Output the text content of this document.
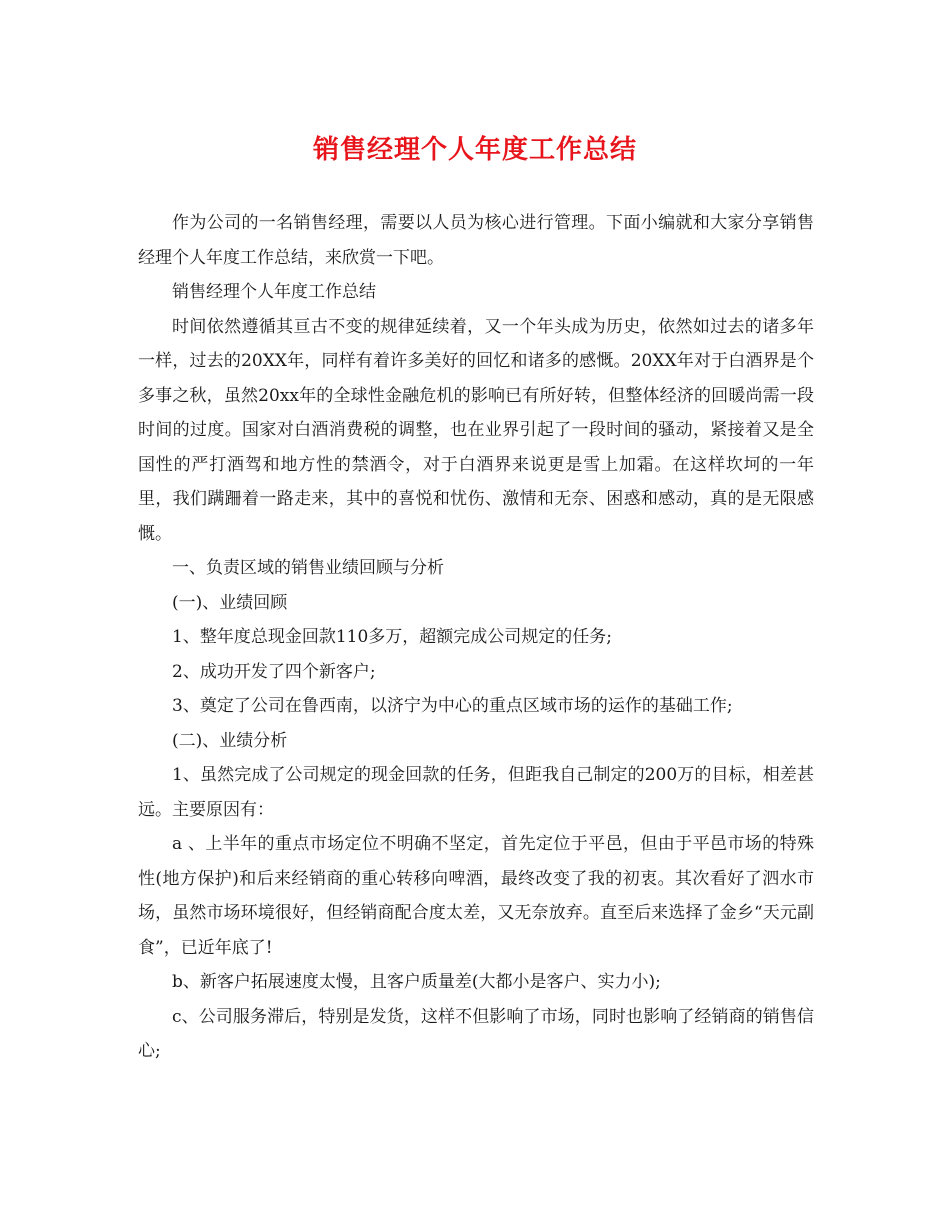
销售经理个人年度工作总结

作为公司的一名销售经理，需要以人员为核心进行管理。下面小编就和大家分享销售经理个人年度工作总结，来欣赏一下吧。

销售经理个人年度工作总结

时间依然遵循其亘古不变的规律延续着，又一个年头成为历史，依然如过去的诸多年一样，过去的20XX年，同样有着许多美好的回忆和诸多的感慨。20XX年对于白酒界是个多事之秋，虽然20xx年的全球性金融危机的影响已有所好转，但整体经济的回暖尚需一段时间的过度。国家对白酒消费税的调整，也在业界引起了一段时间的骚动，紧接着又是全国性的严打酒驾和地方性的禁酒令，对于白酒界来说更是雪上加霜。在这样坎坷的一年里，我们蹒跚着一路走来，其中的喜悦和忧伤、激情和无奈、困惑和感动，真的是无限感慨。

一、负责区域的销售业绩回顾与分析

(一)、业绩回顾

1、整年度总现金回款110多万，超额完成公司规定的任务;

2、成功开发了四个新客户;

3、奠定了公司在鲁西南，以济宁为中心的重点区域市场的运作的基础工作;

(二)、业绩分析

1、虽然完成了公司规定的现金回款的任务，但距我自己制定的200万的目标，相差甚远。主要原因有：

a 、上半年的重点市场定位不明确不坚定，首先定位于平邑，但由于平邑市场的特殊性(地方保护)和后来经销商的重心转移向啤酒，最终改变了我的初衷。其次看好了泗水市场，虽然市场环境很好，但经销商配合度太差，又无奈放弃。直至后来选择了金乡“天元副食”，已近年底了!

b、新客户拓展速度太慢，且客户质量差(大都小是客户、实力小);

c、公司服务滞后，特别是发货，这样不但影响了市场，同时也影响了经销商的销售信心;
